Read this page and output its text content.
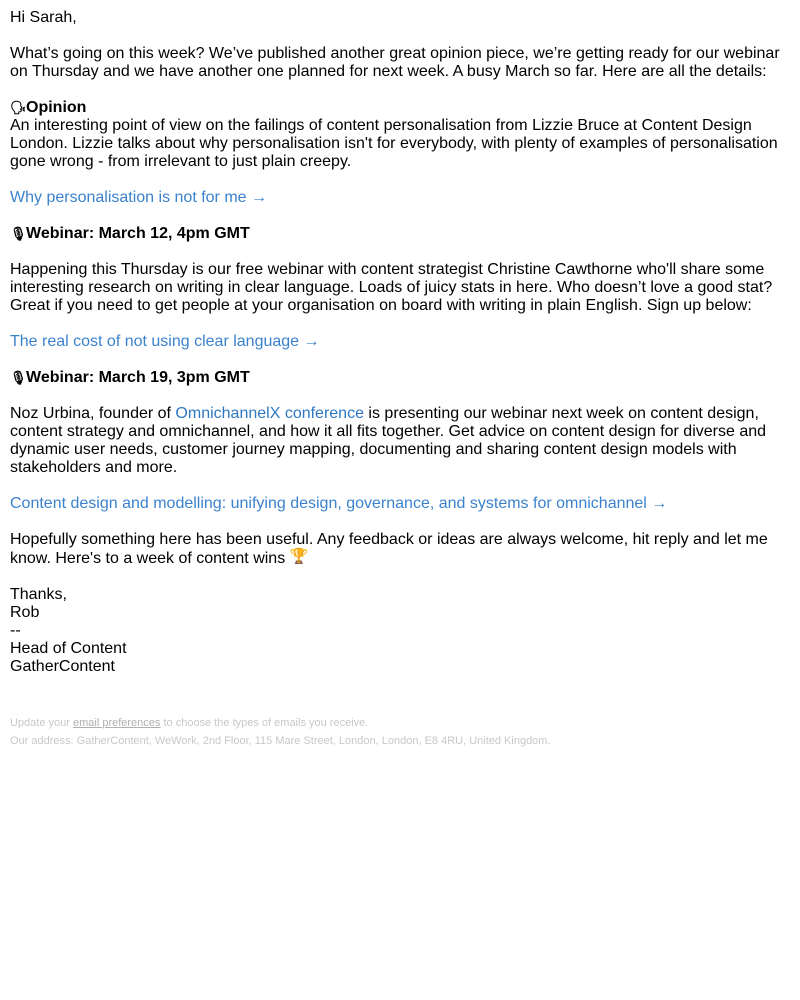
Hi Sarah,

What’s going on this week? We’ve published another great opinion piece, we’re getting ready for our webinar on Thursday and we have another one planned for next week. A busy March so far. Here are all the details:

🗣 Opinion

An interesting point of view on the failings of content personalisation from Lizzie Bruce at Content Design London. Lizzie talks about why personalisation isn't for everybody, with plenty of examples of personalisation gone wrong - from irrelevant to just plain creepy.

Why personalisation is not for me →

🎙 Webinar: March 12, 4pm GMT

Happening this Thursday is our free webinar with content strategist Christine Cawthorne who'll share some interesting research on writing in clear language. Loads of juicy stats in here. Who doesn’t love a good stat? Great if you need to get people at your organisation on board with writing in plain English. Sign up below:

The real cost of not using clear language →

🎙 Webinar: March 19, 3pm GMT

Noz Urbina, founder of OmnichannelX conference is presenting our webinar next week on content design, content strategy and omnichannel, and how it all fits together. Get advice on content design for diverse and dynamic user needs, customer journey mapping, documenting and sharing content design models with stakeholders and more.

Content design and modelling: unifying design, governance, and systems for omnichannel →

Hopefully something here has been useful. Any feedback or ideas are always welcome, hit reply and let me know. Here's to a week of content wins 🏆

Thanks,

Rob

--

Head of Content

GatherContent

Update your email preferences to choose the types of emails you receive.

Our address: GatherContent, WeWork, 2nd Floor, 115 Mare Street, London, London, E8 4RU, United Kingdom.
